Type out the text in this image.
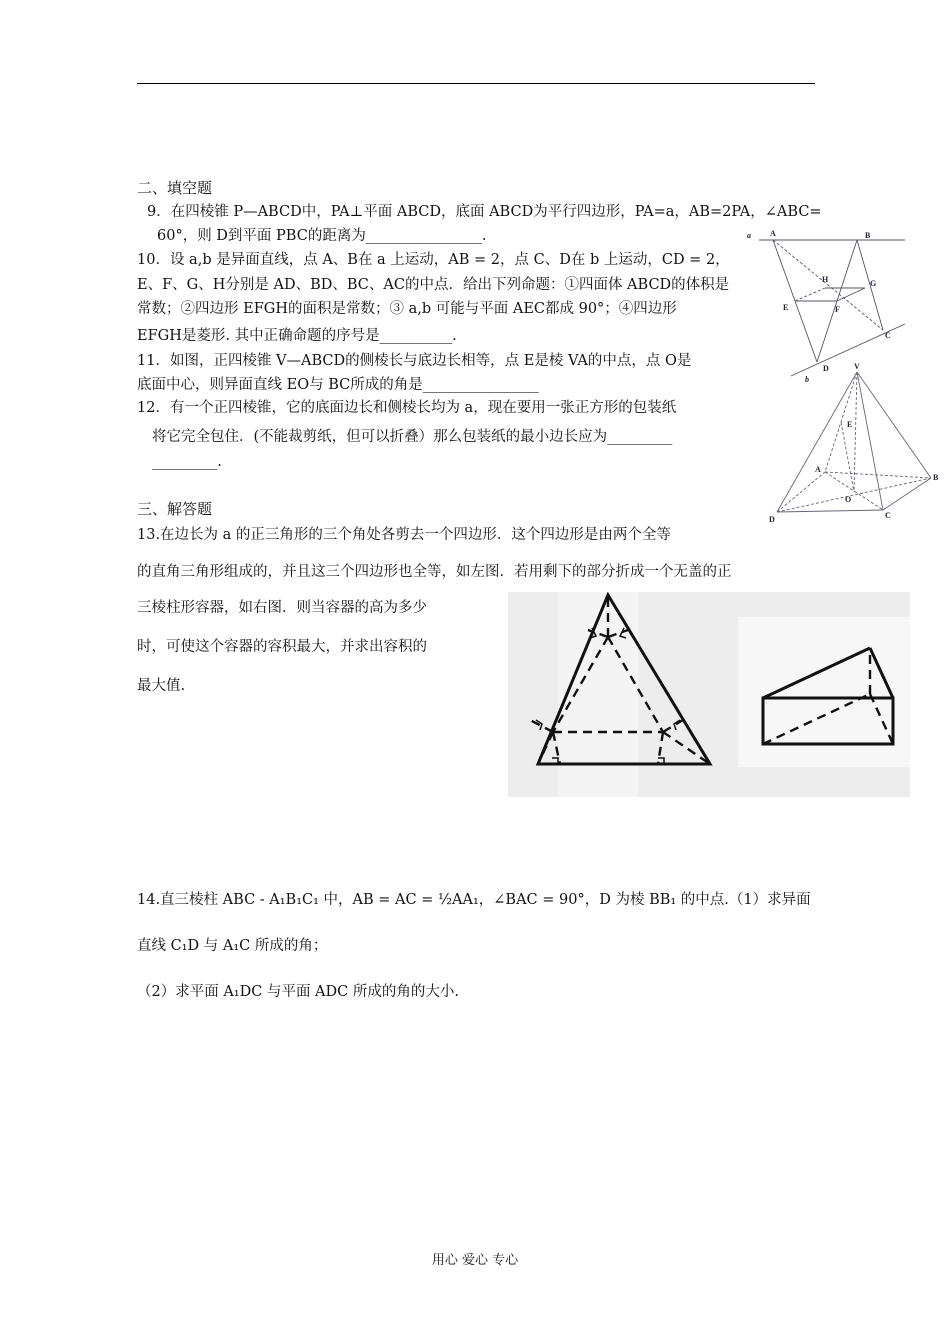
二、填空题
9．在四棱锥 P—ABCD中，PA⊥平面 ABCD，底面 ABCD为平行四边形，PA=a，AB=2PA，∠ABC=
60°，则 D到平面 PBC的距离为________________.
10．设 a,b 是异面直线，点 A、B在 a 上运动，AB = 2，点 C、D在 b 上运动，CD = 2，
E、F、G、H分别是 AD、BD、BC、AC的中点．给出下列命题：①四面体 ABCD的体积是
常数；②四边形 EFGH的面积是常数；③ a,b 可能与平面 AEC都成 90°；④四边形
EFGH是菱形. 其中正确命题的序号是__________.
11．如图，正四棱锥 V—ABCD的侧棱长与底边长相等，点 E是棱 VA的中点，点 O是
底面中心，则异面直线 EO与 BC所成的角是________________
12．有一个正四棱锥，它的底面边长和侧棱长均为 a，现在要用一张正方形的包装纸
将它完全包住．(不能裁剪纸，但可以折叠）那么包装纸的最小边长应为_________
_________.
三、解答题
13.在边长为 a 的正三角形的三个角处各剪去一个四边形．这个四边形是由两个全等
的直角三角形组成的，并且这三个四边形也全等，如左图．若用剩下的部分折成一个无盖的正
三棱柱形容器，如右图．则当容器的高为多少
时，可使这个容器的容积最大，并求出容积的
最大值.
14.直三棱柱 ABC - A₁B₁C₁ 中，AB = AC = ½AA₁，∠BAC = 90°，D 为棱 BB₁ 的中点.（1）求异面
直线 C₁D 与 A₁C 所成的角；
（2）求平面 A₁DC 与平面 ADC 所成的角的大小.
a A	B
H	G
E	F
C
D
b
V
E
A
B
O
D	C
用心 爱心 专心
